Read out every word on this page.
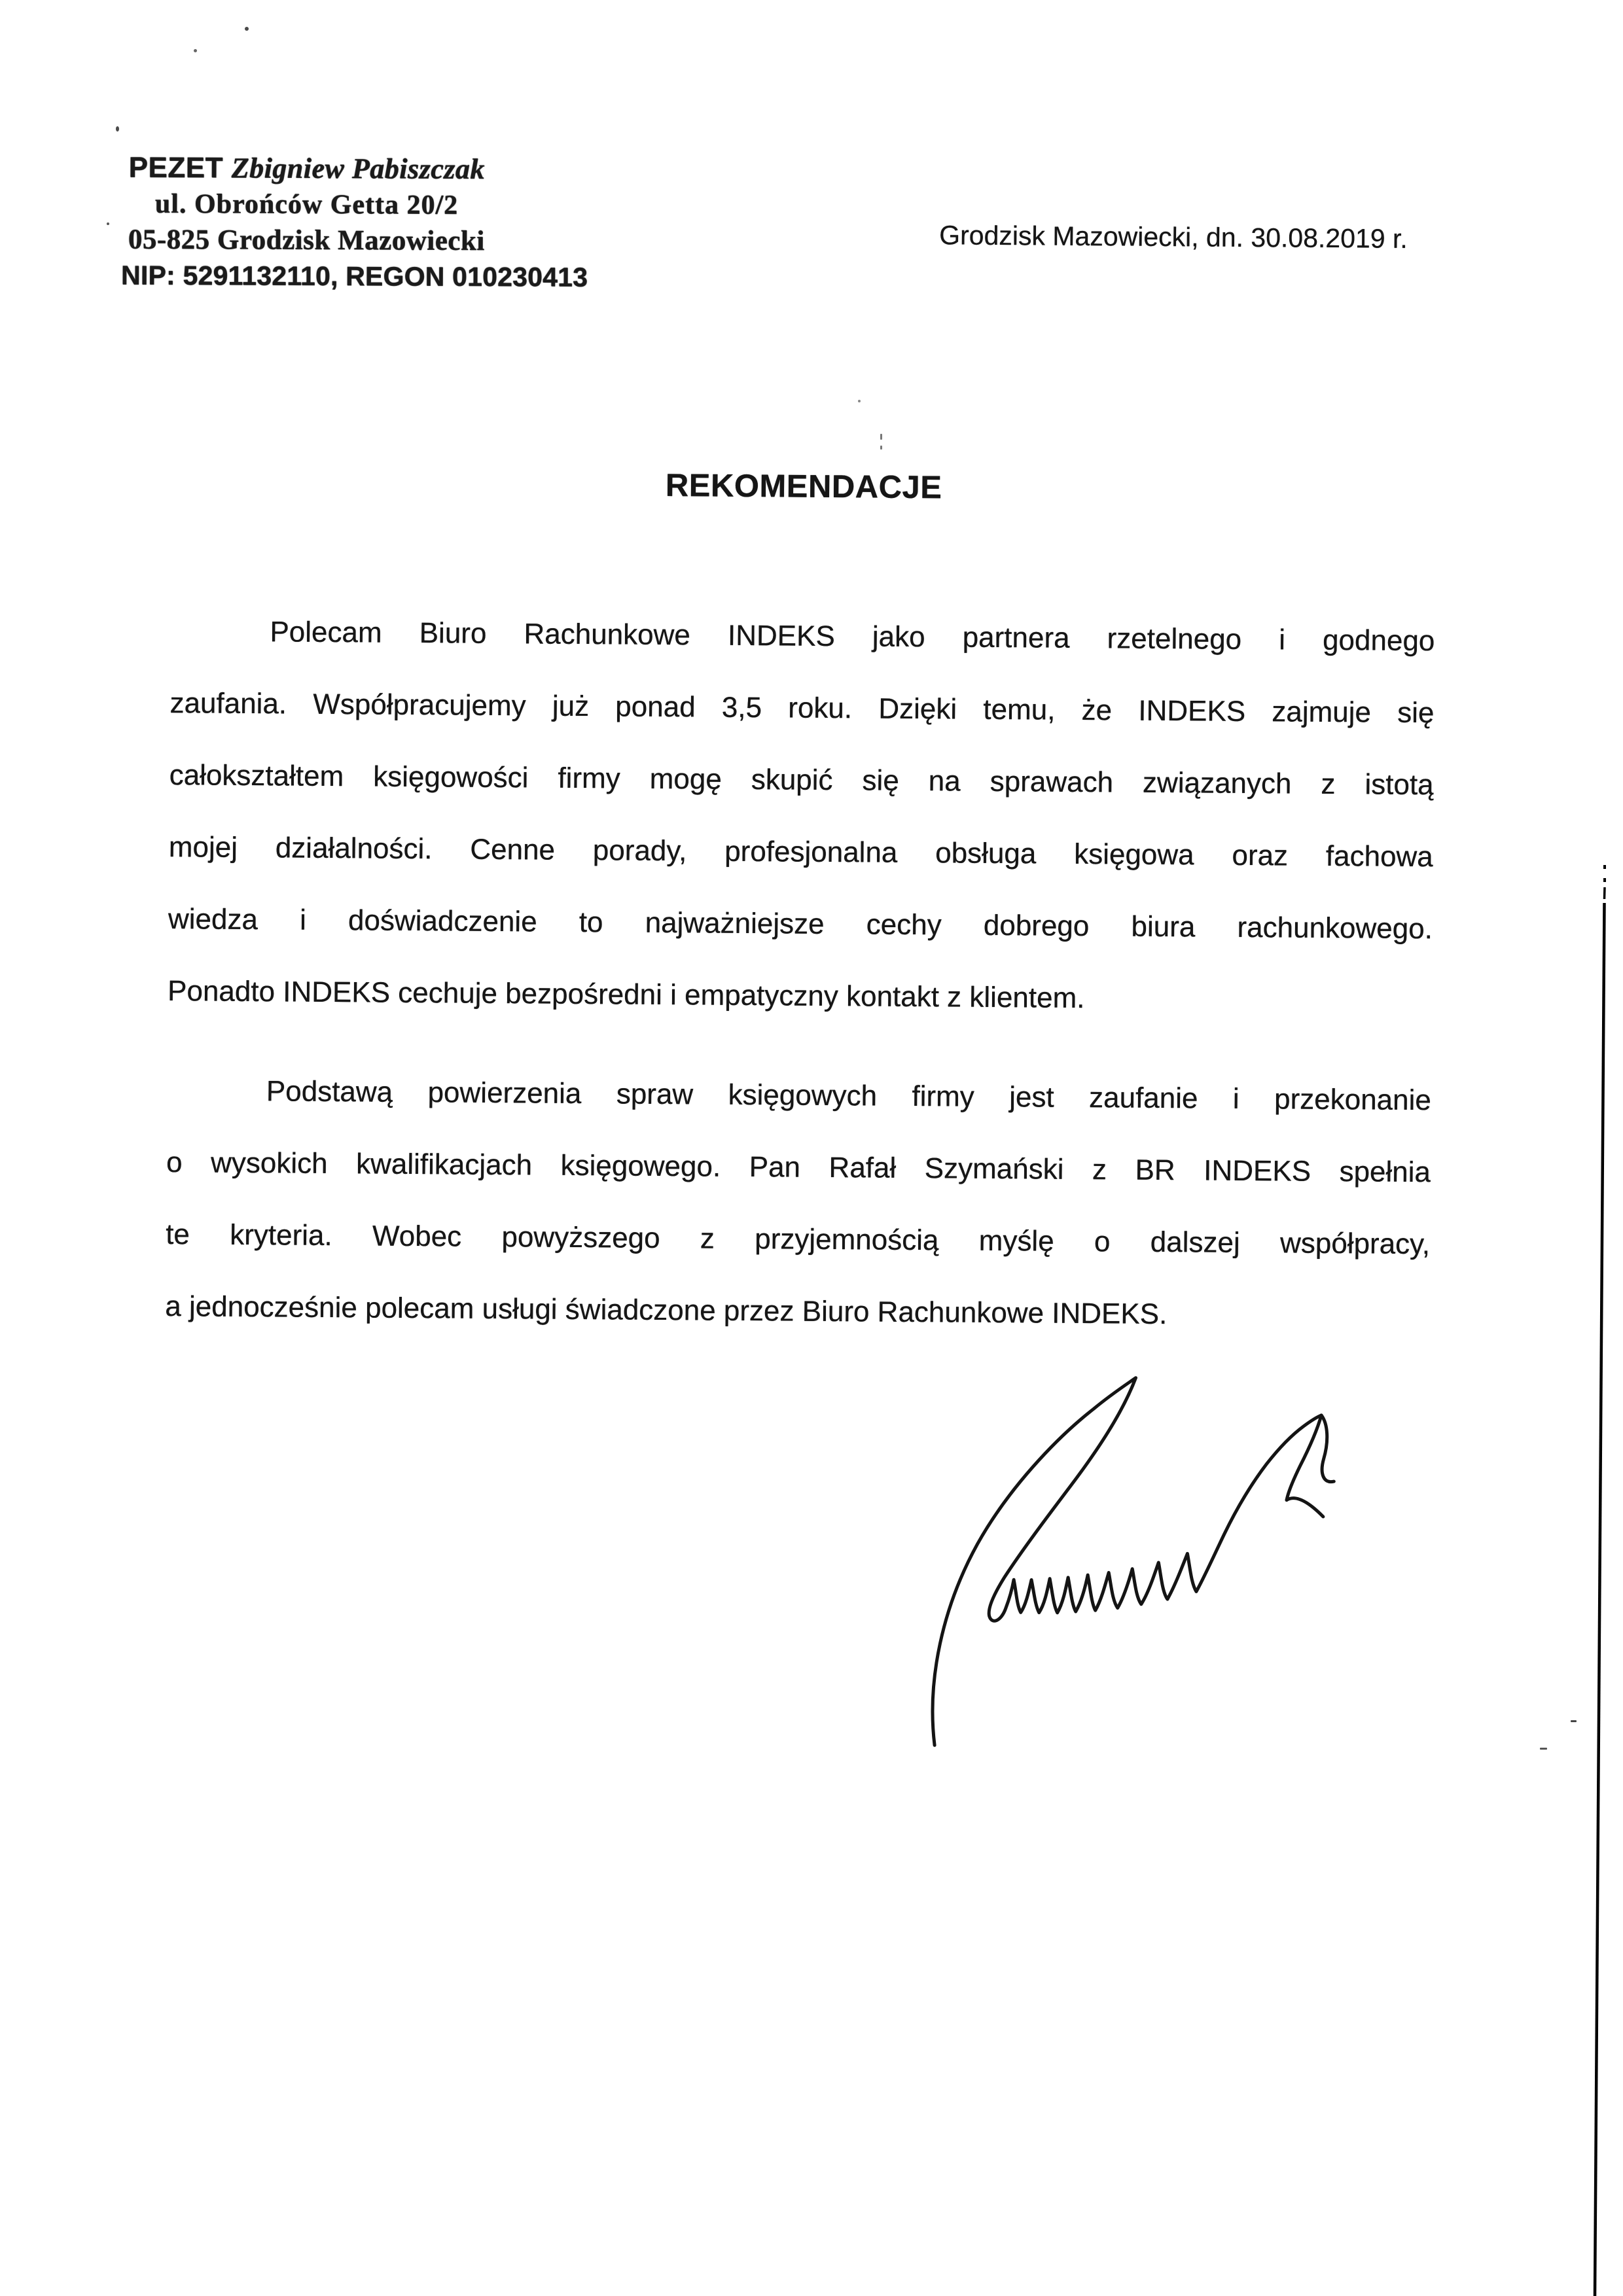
PEZET Zbigniew Pabiszczak
ul. Obrońców Getta 20/2
05-825 Grodzisk Mazowiecki
NIP: 5291132110, REGON 010230413
Grodzisk Mazowiecki, dn. 30.08.2019 r.
REKOMENDACJE
Polecam Biuro Rachunkowe INDEKS jako partnera rzetelnego i godnego
zaufania. Współpracujemy już ponad 3,5 roku. Dzięki temu, że INDEKS zajmuje się
całokształtem księgowości firmy mogę skupić się na sprawach związanych z istotą
mojej działalności. Cenne porady, profesjonalna obsługa księgowa oraz fachowa
wiedza i doświadczenie to najważniejsze cechy dobrego biura rachunkowego.
Ponadto INDEKS cechuje bezpośredni i empatyczny kontakt z klientem.
Podstawą powierzenia spraw księgowych firmy jest zaufanie i przekonanie
o wysokich kwalifikacjach księgowego. Pan Rafał Szymański z BR INDEKS spełnia
te kryteria. Wobec powyższego z przyjemnością myślę o dalszej współpracy,
a jednocześnie polecam usługi świadczone przez Biuro Rachunkowe INDEKS.
